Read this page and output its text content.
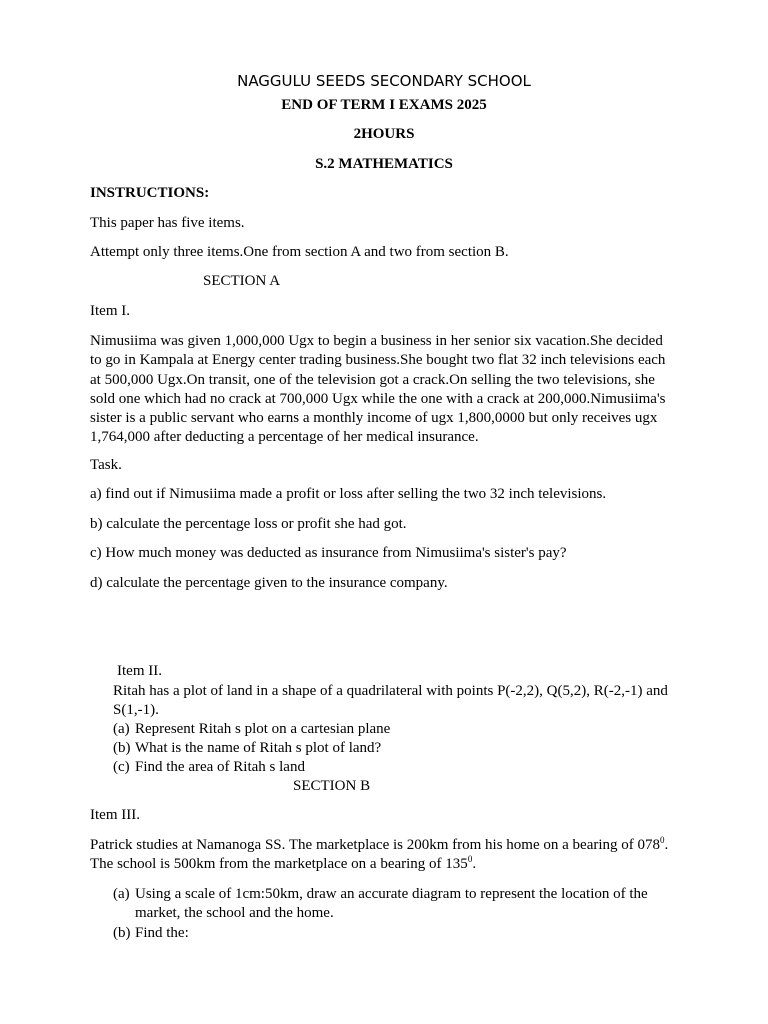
NAGGULU SEEDS SECONDARY SCHOOL
END OF TERM I EXAMS 2025
2HOURS
S.2 MATHEMATICS
INSTRUCTIONS:
This paper has five items.
Attempt only three items.One from section A and two from section B.
SECTION A
Item I.
Nimusiima was given 1,000,000 Ugx to begin a business in her senior six vacation.She decided to go in Kampala at Energy center trading business.She bought two flat 32 inch televisions each at 500,000 Ugx.On transit, one of the television got a crack.On selling the two televisions, she sold one which had no crack at 700,000 Ugx while the one with a crack at 200,000.Nimusiima's sister is a public servant who earns a monthly income of ugx 1,800,0000 but only receives ugx 1,764,000 after deducting a percentage of her medical insurance.
Task.
a) find out if Nimusiima made a profit or loss after selling the two 32 inch televisions.
b) calculate the percentage loss or profit she had got.
c) How much money was deducted as insurance from Nimusiima's sister's pay?
d) calculate the percentage given to the insurance company.
Item II.
Ritah has a plot of land in a shape of a quadrilateral with points P(-2,2), Q(5,2), R(-2,-1) and S(1,-1).
(a) Represent Ritah s plot on a cartesian plane
(b) What is the name of Ritah s plot of land?
(c) Find the area of Ritah s land
SECTION B
Item III.
Patrick studies at Namanoga SS. The marketplace is 200km from his home on a bearing of $078^0$. The school is 500km from the marketplace on a bearing of $135^0$.
(a) Using a scale of 1cm:50km, draw an accurate diagram to represent the location of the market, the school and the home.
(b) Find the:
